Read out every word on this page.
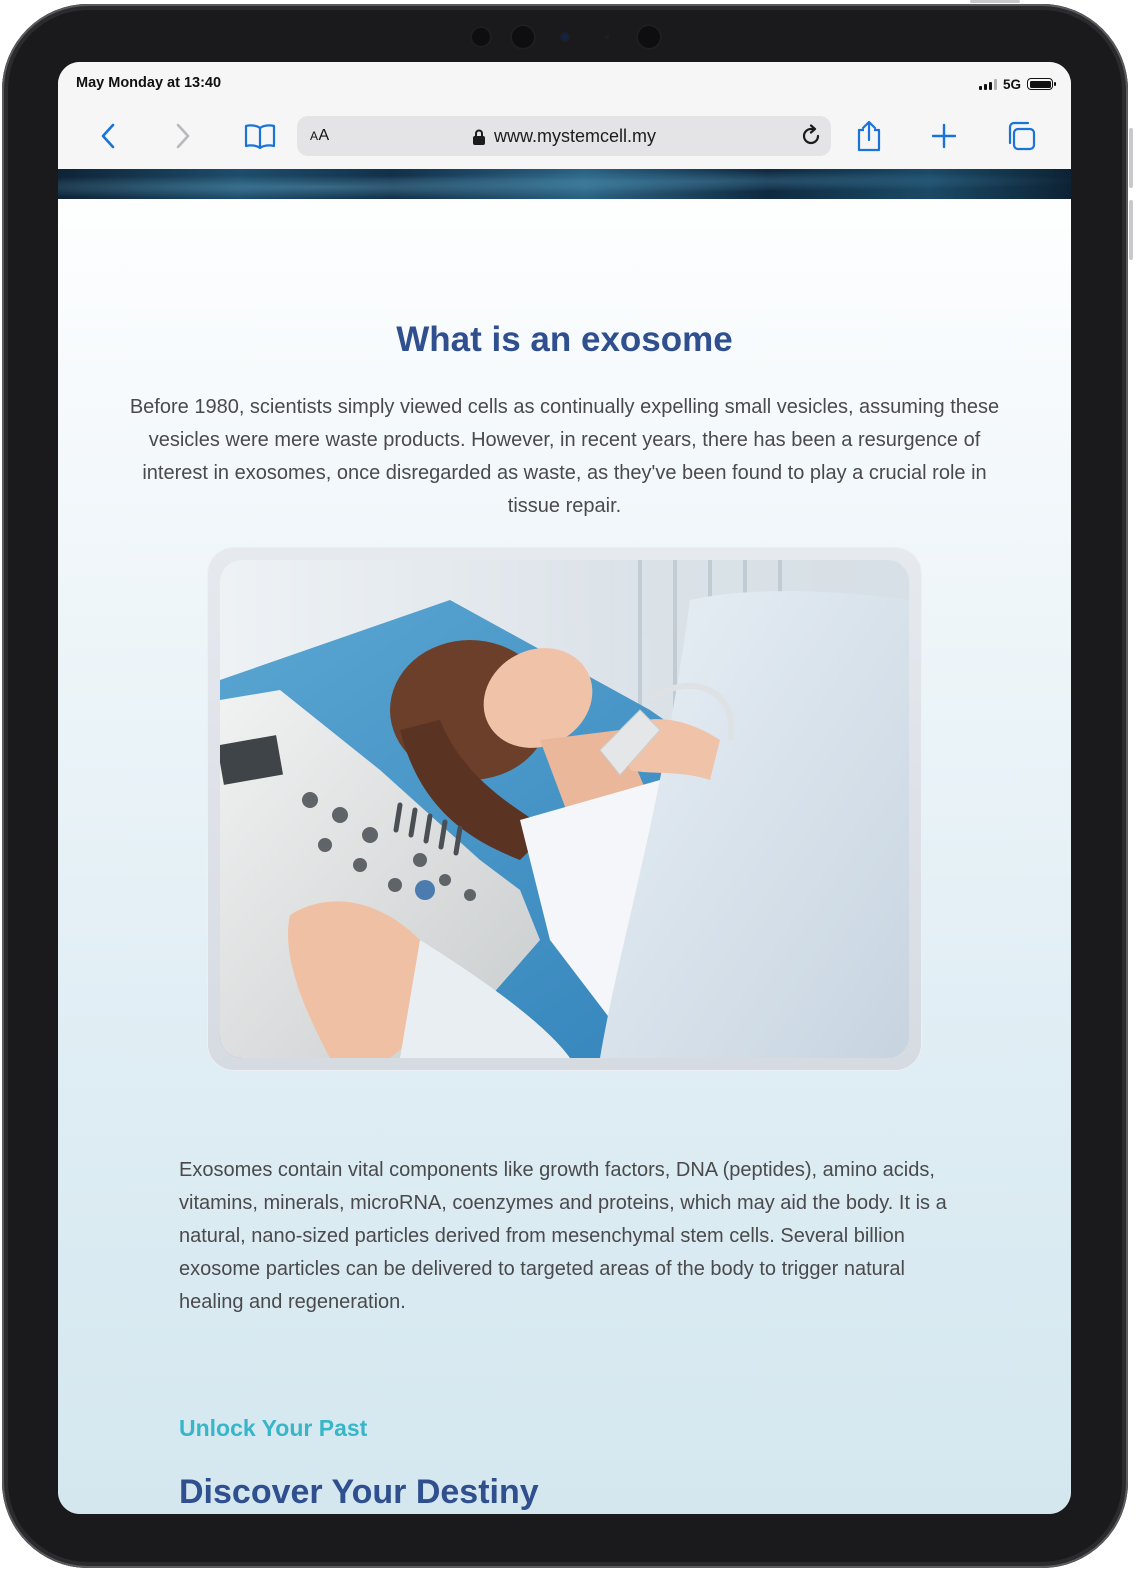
May Monday at 13:40	5G
AA	www.mystemcell.my
What is an exosome

Before 1980, scientists simply viewed cells as continually expelling small vesicles, assuming these vesicles were mere waste products. However, in recent years, there has been a resurgence of interest in exosomes, once disregarded as waste, as they've been found to play a crucial role in tissue repair.

Exosomes contain vital components like growth factors, DNA (peptides), amino acids, vitamins, minerals, microRNA, coenzymes and proteins, which may aid the body. It is a natural, nano-sized particles derived from mesenchymal stem cells. Several billion exosome particles can be delivered to targeted areas of the body to trigger natural healing and regeneration.

Unlock Your Past
Discover Your Destiny
